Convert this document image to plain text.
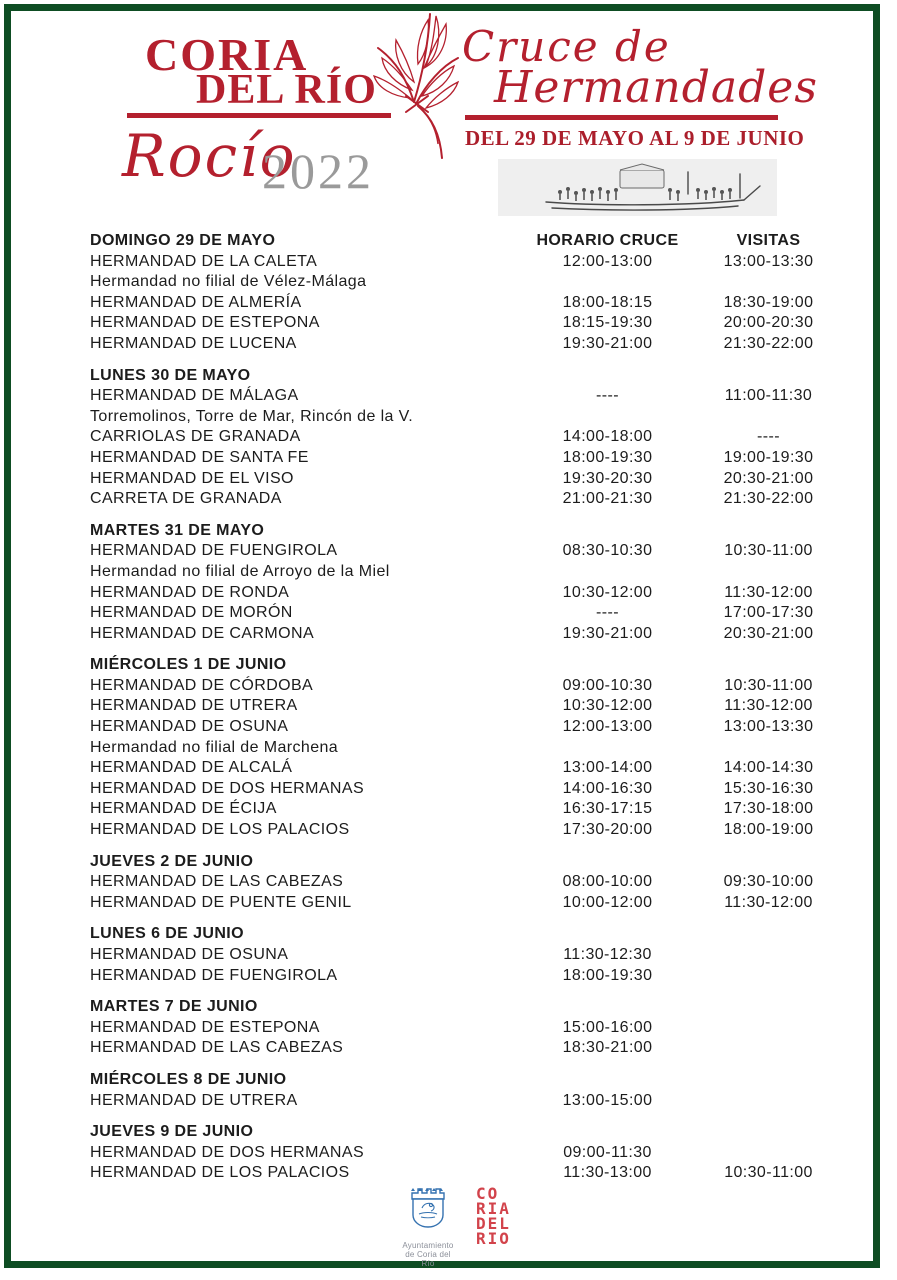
CORIA
DEL RÍO
Rocío
2022
Cruce de
Hermandades
DEL 29 DE MAYO AL 9 DE JUNIO
DOMINGO 29 DE MAYO	HORARIO CRUCE	VISITAS
HERMANDAD DE LA CALETA	12:00-13:00	13:00-13:30
Hermandad no filial de Vélez-Málaga
HERMANDAD DE ALMERÍA	18:00-18:15	18:30-19:00
HERMANDAD DE ESTEPONA	18:15-19:30	20:00-20:30
HERMANDAD DE LUCENA	19:30-21:00	21:30-22:00
LUNES 30 DE MAYO
HERMANDAD DE MÁLAGA	----	11:00-11:30
Torremolinos, Torre de Mar, Rincón de la V.
CARRIOLAS DE GRANADA	14:00-18:00	----
HERMANDAD DE SANTA FE	18:00-19:30	19:00-19:30
HERMANDAD DE EL VISO	19:30-20:30	20:30-21:00
CARRETA DE GRANADA	21:00-21:30	21:30-22:00
MARTES 31 DE MAYO
HERMANDAD DE FUENGIROLA	08:30-10:30	10:30-11:00
Hermandad no filial de Arroyo de la Miel
HERMANDAD DE RONDA	10:30-12:00	11:30-12:00
HERMANDAD DE MORÓN	----	17:00-17:30
HERMANDAD DE CARMONA	19:30-21:00	20:30-21:00
MIÉRCOLES 1 DE JUNIO
HERMANDAD DE CÓRDOBA	09:00-10:30	10:30-11:00
HERMANDAD DE UTRERA	10:30-12:00	11:30-12:00
HERMANDAD DE OSUNA	12:00-13:00	13:00-13:30
Hermandad no filial de Marchena
HERMANDAD DE ALCALÁ	13:00-14:00	14:00-14:30
HERMANDAD DE DOS HERMANAS	14:00-16:30	15:30-16:30
HERMANDAD DE ÉCIJA	16:30-17:15	17:30-18:00
HERMANDAD DE LOS PALACIOS	17:30-20:00	18:00-19:00
JUEVES 2 DE JUNIO
HERMANDAD DE LAS CABEZAS	08:00-10:00	09:30-10:00
HERMANDAD DE PUENTE GENIL	10:00-12:00	11:30-12:00
LUNES 6 DE JUNIO
HERMANDAD DE OSUNA	11:30-12:30
HERMANDAD DE FUENGIROLA	18:00-19:30
MARTES 7 DE JUNIO
HERMANDAD DE ESTEPONA	15:00-16:00
HERMANDAD DE LAS CABEZAS	18:30-21:00
MIÉRCOLES 8 DE JUNIO
HERMANDAD DE UTRERA	13:00-15:00
JUEVES 9 DE JUNIO
HERMANDAD DE DOS HERMANAS	09:00-11:30
HERMANDAD DE LOS PALACIOS	11:30-13:00	10:30-11:00
Ayuntamiento
de Coria del Río
CO
RIA
DEL
RIO
